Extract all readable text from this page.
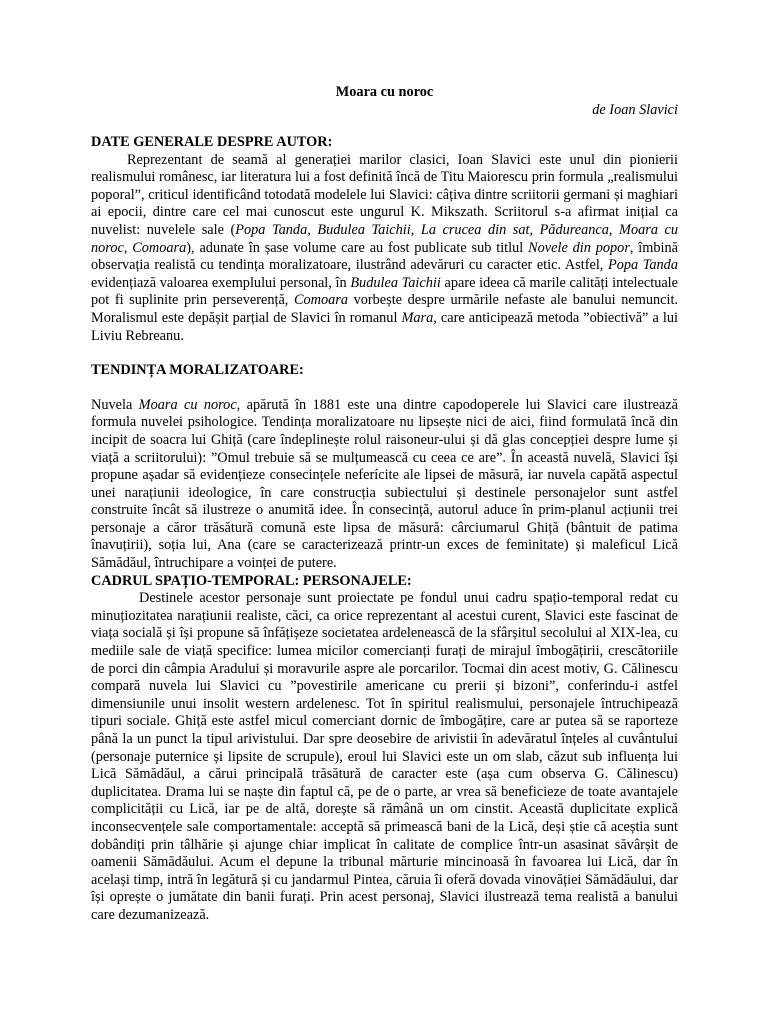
Moara cu noroc
de Ioan Slavici
DATE GENERALE DESPRE AUTOR:

Reprezentant de seamă al generației marilor clasici, Ioan Slavici este unul din pionierii realismului românesc, iar literatura lui a fost definită încă de Titu Maiorescu prin formula „realismului poporal”, criticul identificând totodată modelele lui Slavici: câțiva dintre scriitorii germani și maghiari ai epocii, dintre care cel mai cunoscut este ungurul K. Mikszath. Scriitorul s-a afirmat inițial ca nuvelist: nuvelele sale (Popa Tanda, Budulea Taichii, La crucea din sat, Pădureanca, Moara cu noroc, Comoara), adunate în șase volume care au fost publicate sub titlul Novele din popor, îmbină observația realistă cu tendința moralizatoare, ilustrând adevăruri cu caracter etic. Astfel, Popa Tanda evidențiază valoarea exemplului personal, în Budulea Taichii apare ideea că marile calități intelectuale pot fi suplinite prin perseverență, Comoara vorbește despre urmările nefaste ale banului nemuncit. Moralismul este depășit parțial de Slavici în romanul Mara, care anticipează metoda ”obiectivă” a lui Liviu Rebreanu.

TENDINȚA MORALIZATOARE:

Nuvela Moara cu noroc, apărută în 1881 este una dintre capodoperele lui Slavici care ilustrează formula nuvelei psihologice. Tendința moralizatoare nu lipsește nici de aici, fiind formulată încă din incipit de soacra lui Ghiță (care îndeplinește rolul raisoneur-ului și dă glas concepției despre lume și viață a scriitorului): ”Omul trebuie să se mulțumească cu ceea ce are”. În această nuvelă, Slavici își propune așadar să evidențieze consecințele neferícite ale lipsei de măsură, iar nuvela capătă aspectul unei narațiunii ideologice, în care construcția subiectului și destinele personajelor sunt astfel construite încât să ilustreze o anumită idee. În consecință, autorul aduce în prim-planul acțiunii trei personaje a căror trăsătură comună este lipsa de măsură: cârciumarul Ghiță (bântuit de patima înavuțirii), soția lui, Ana (care se caracterizează printr-un exces de feminitate) și maleficul Lică Sămădăul, întruchipare a voinței de putere.

CADRUL SPAȚIO-TEMPORAL: PERSONAJELE:

Destinele acestor personaje sunt proiectate pe fondul unui cadru spațio-temporal redat cu minuțiozitatea narațiunii realiste, căci, ca orice reprezentant al acestui curent, Slavici este fascinat de viața socială și își propune să înfățișeze societatea ardelenească de la sfârșitul secolului al XIX-lea, cu mediile sale de viață specifice: lumea micilor comercianți furați de mirajul îmbogățirii, crescătoriile de porci din câmpia Aradului și moravurile aspre ale porcarilor. Tocmai din acest motiv, G. Călinescu compară nuvela lui Slavici cu ”povestirile americane cu prerii și bizoni”, conferindu-i astfel dimensiunile unui insolit western ardelenesc. Tot în spiritul realismului, personajele întruchipează tipuri sociale. Ghiță este astfel micul comerciant dornic de îmbogățire, care ar putea să se raporteze până la un punct la tipul arivistului. Dar spre deosebire de arivistii în adevăratul înțeles al cuvântului (personaje puternice și lipsite de scrupule), eroul lui Slavici este un om slab, căzut sub influența lui Lică Sămădăul, a cărui principală trăsătură de caracter este (așa cum observa G. Călinescu) duplicitatea. Drama lui se naște din faptul că, pe de o parte, ar vrea să beneficieze de toate avantajele complicității cu Lică, iar pe de altă, dorește să rămână un om cinstit. Această duplicitate explică inconsecvențele sale comportamentale: acceptă să primească bani de la Lică, deși știe că aceștia sunt dobândiți prin tâlhărie și ajunge chiar implicat în calitate de complice într-un asasinat săvârșit de oamenii Sămădăului. Acum el depune la tribunal mărturie mincinoasă în favoarea lui Lică, dar în același timp, intră în legătură și cu jandarmul Pintea, căruia îi oferă dovada vinovăției Sămădăului, dar își oprește o jumătate din banii furați. Prin acest personaj, Slavici ilustrează tema realistă a banului care dezumanizează.
